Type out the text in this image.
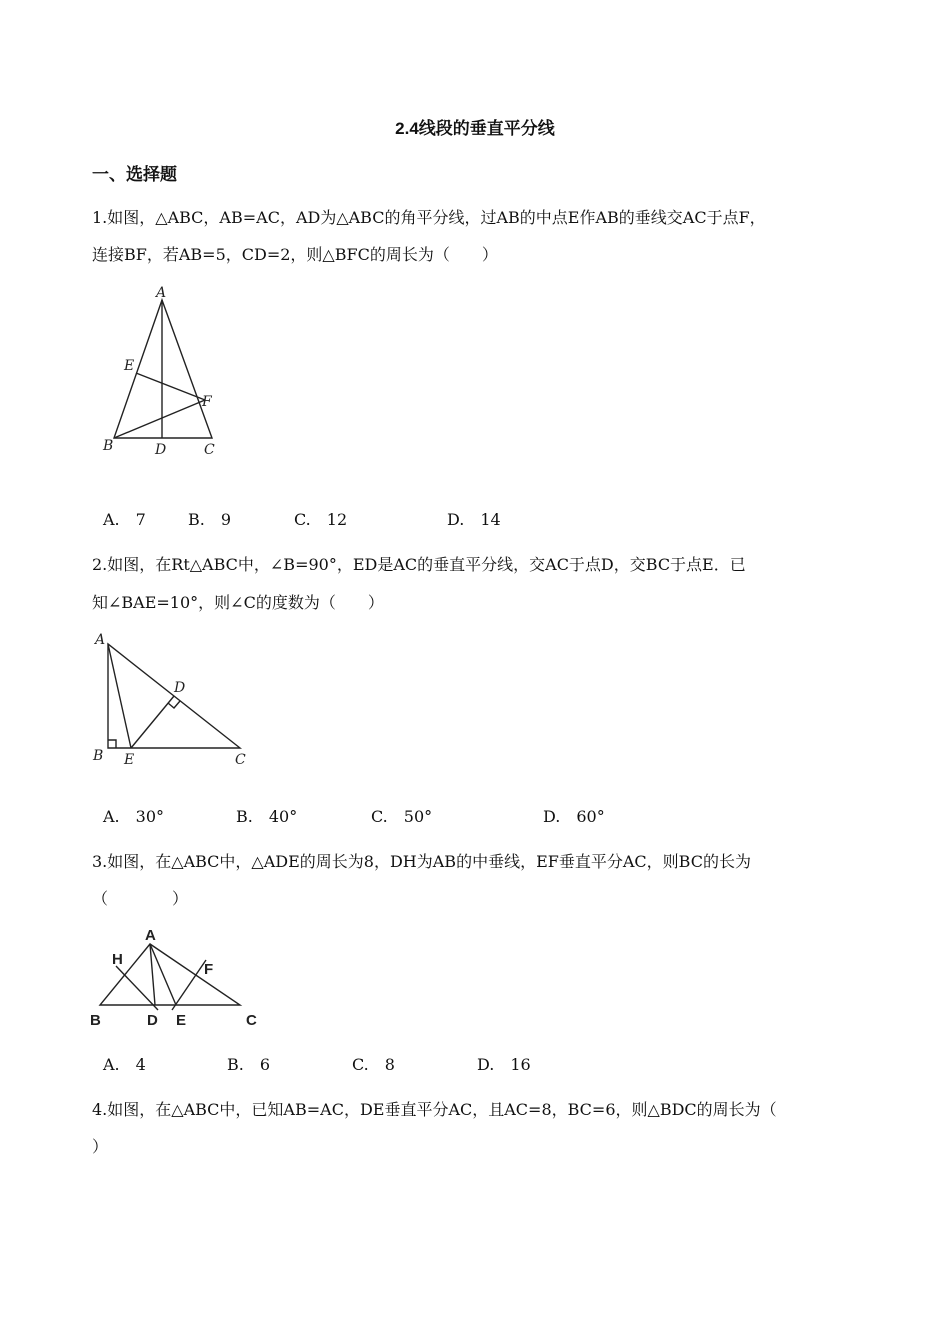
2.4线段的垂直平分线
一、选择题
1.如图，△ABC，AB=AC，AD为△ABC的角平分线，过AB的中点E作AB的垂线交AC于点F，
连接BF，若AB=5，CD=2，则△BFC的周长为（　　）
A
E
F
B	D	C
A.　7	B.　9	C.　12	D.　14
2.如图，在Rt△ABC中，∠B=90°，ED是AC的垂直平分线，交AC于点D，交BC于点E．已
知∠BAE=10°，则∠C的度数为（　　）
A
D
B E	C
A.　30°	B.　40°	C.　50°	D.　60°
3.如图，在△ABC中，△ADE的周长为8，DH为AB的中垂线，EF垂直平分AC，则BC的长为
（　　　　）
A
H
F
B	D E	C
A.　4	B.　6	C.　8	D.　16
4.如图，在△ABC中，已知AB=AC，DE垂直平分AC，且AC=8，BC=6，则△BDC的周长为（
）
